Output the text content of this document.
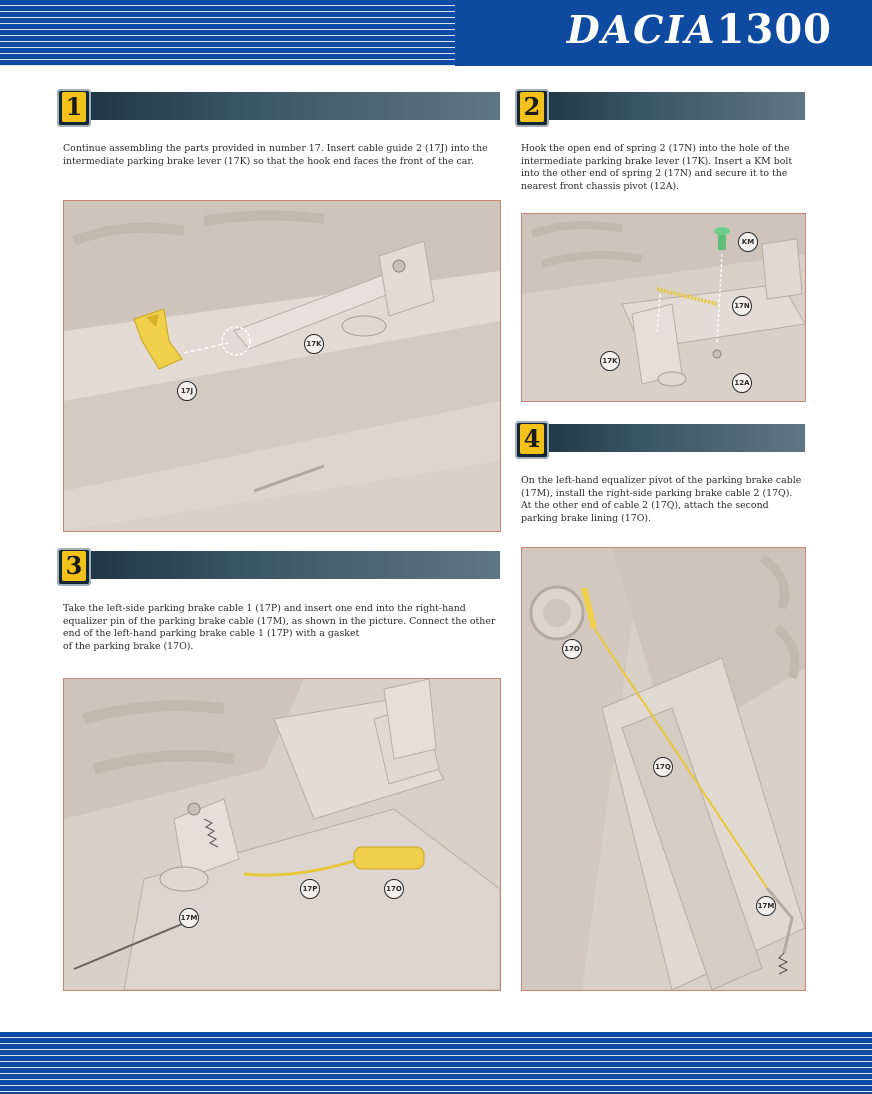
DACIA1300
1

Continue assembling the parts provided in number 17. Insert cable guide 2 (17J) into the intermediate parking brake lever (17K) so that the hook end faces the front of the car.

17K
17J
2

Hook the open end of spring 2 (17N) into the hole of the intermediate parking brake lever (17K). Insert a KM bolt into the other end of spring 2 (17N) and secure it to the nearest front chassis pivot (12A).

KM
17N
17K
12A
4

On the left-hand equalizer pivot of the parking brake cable (17M), install the right-side parking brake cable 2 (17Q). At the other end of cable 2 (17Q), attach the second parking brake lining (17O).

17O
17Q
17M
3

Take the left-side parking brake cable 1 (17P) and insert one end into the right-hand equalizer pin of the parking brake cable (17M), as shown in the picture. Connect the other end of the left-hand parking brake cable 1 (17P) with a gasket
of the parking brake (17O).

17P	17O
17M
